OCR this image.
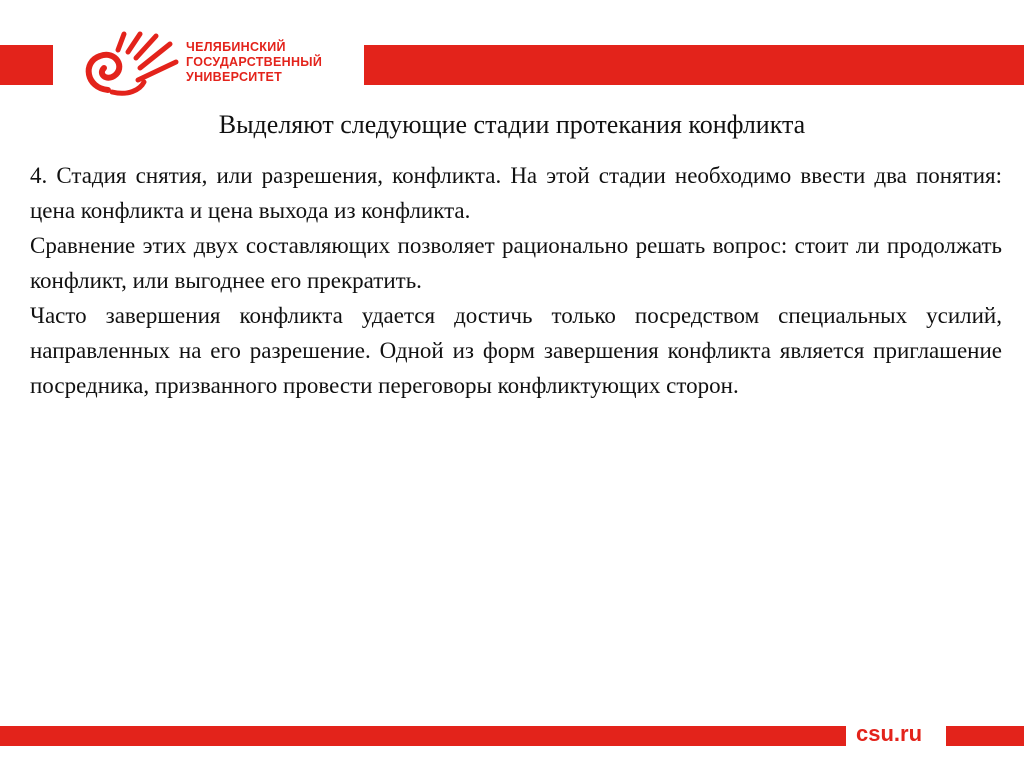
ЧЕЛЯБИНСКИЙ
ГОСУДАРСТВЕННЫЙ
УНИВЕРСИТЕТ
Выделяют следующие стадии протекания конфликта

4. Стадия снятия, или разрешения, конфликта. На этой стадии необходимо ввести два понятия: цена конфликта и цена выхода из конфликта.

Сравнение этих двух составляющих позволяет рационально решать вопрос: стоит ли продолжать конфликт, или выгоднее его прекратить.

Часто завершения конфликта удается достичь только посредством специальных усилий, направленных на его разрешение. Одной из форм завершения конфликта является приглашение посредника, призванного провести переговоры конфликтующих сторон.

csu.ru
